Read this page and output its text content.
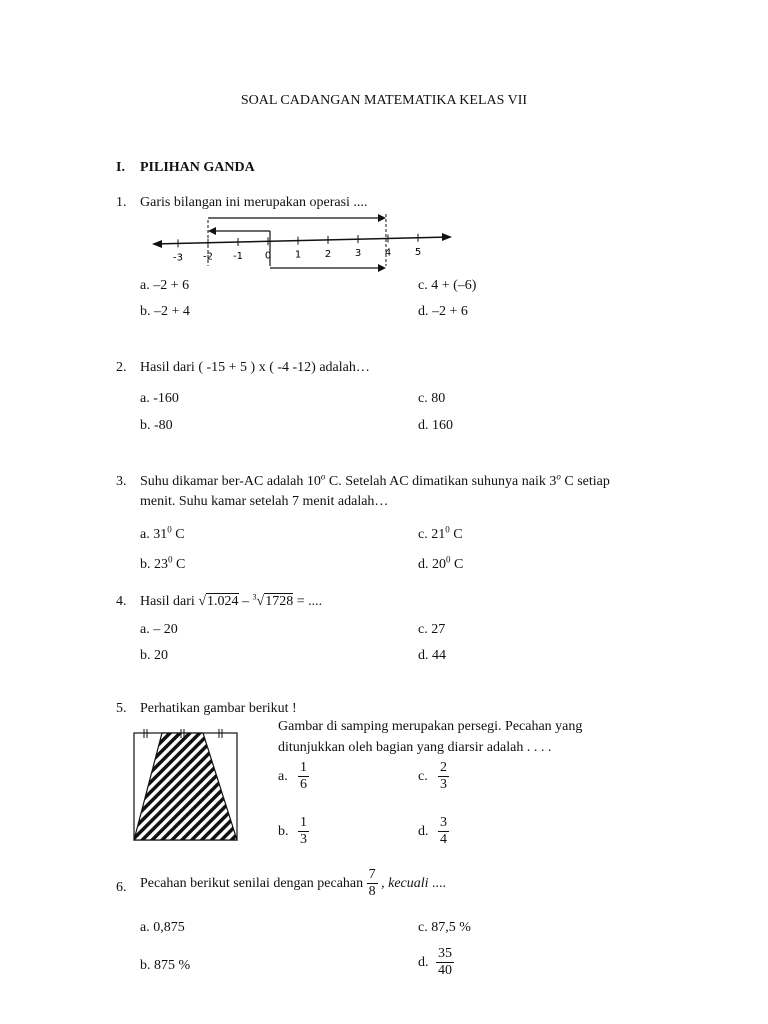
SOAL CADANGAN MATEMATIKA KELAS VII
I. PILIHAN GANDA
1. Garis bilangan ini merupakan operasi ....
-3 -2 -1 0 1 2 3 4 5
a. –2 + 6	c. 4 + (–6)
b. –2 + 4	d. –2 + 6
2. Hasil dari ( -15 + 5 ) x ( -4 -12) adalah…
a. -160	c. 80
b. -80	d. 160
3. Suhu dikamar ber-AC adalah 10$^o$ C. Setelah AC dimatikan suhunya naik 3$^o$ C setiap
menit. Suhu kamar setelah 7 menit adalah…
a. $31^0$ C	c. $21^0$ C
b. $23^0$ C	d. $20^0$ C
4. Hasil dari √1.024 – $^3$√1728 = ....
a. – 20	c. 27
b. 20	d. 44
5. Perhatikan gambar berikut !
Gambar di samping merupakan persegi. Pecahan yang
ditunjukkan oleh bagian yang diarsir adalah . . . .
a. $\frac{1}{6}$	c. $\frac{2}{3}$
b. $\frac{1}{3}$	d. $\frac{3}{4}$
6. Pecahan berikut senilai dengan pecahan $\frac{7}{8}$ , kecuali ....
a. 0,875	c. 87,5 %
b. 875 %	d. $\frac{35}{40}$
